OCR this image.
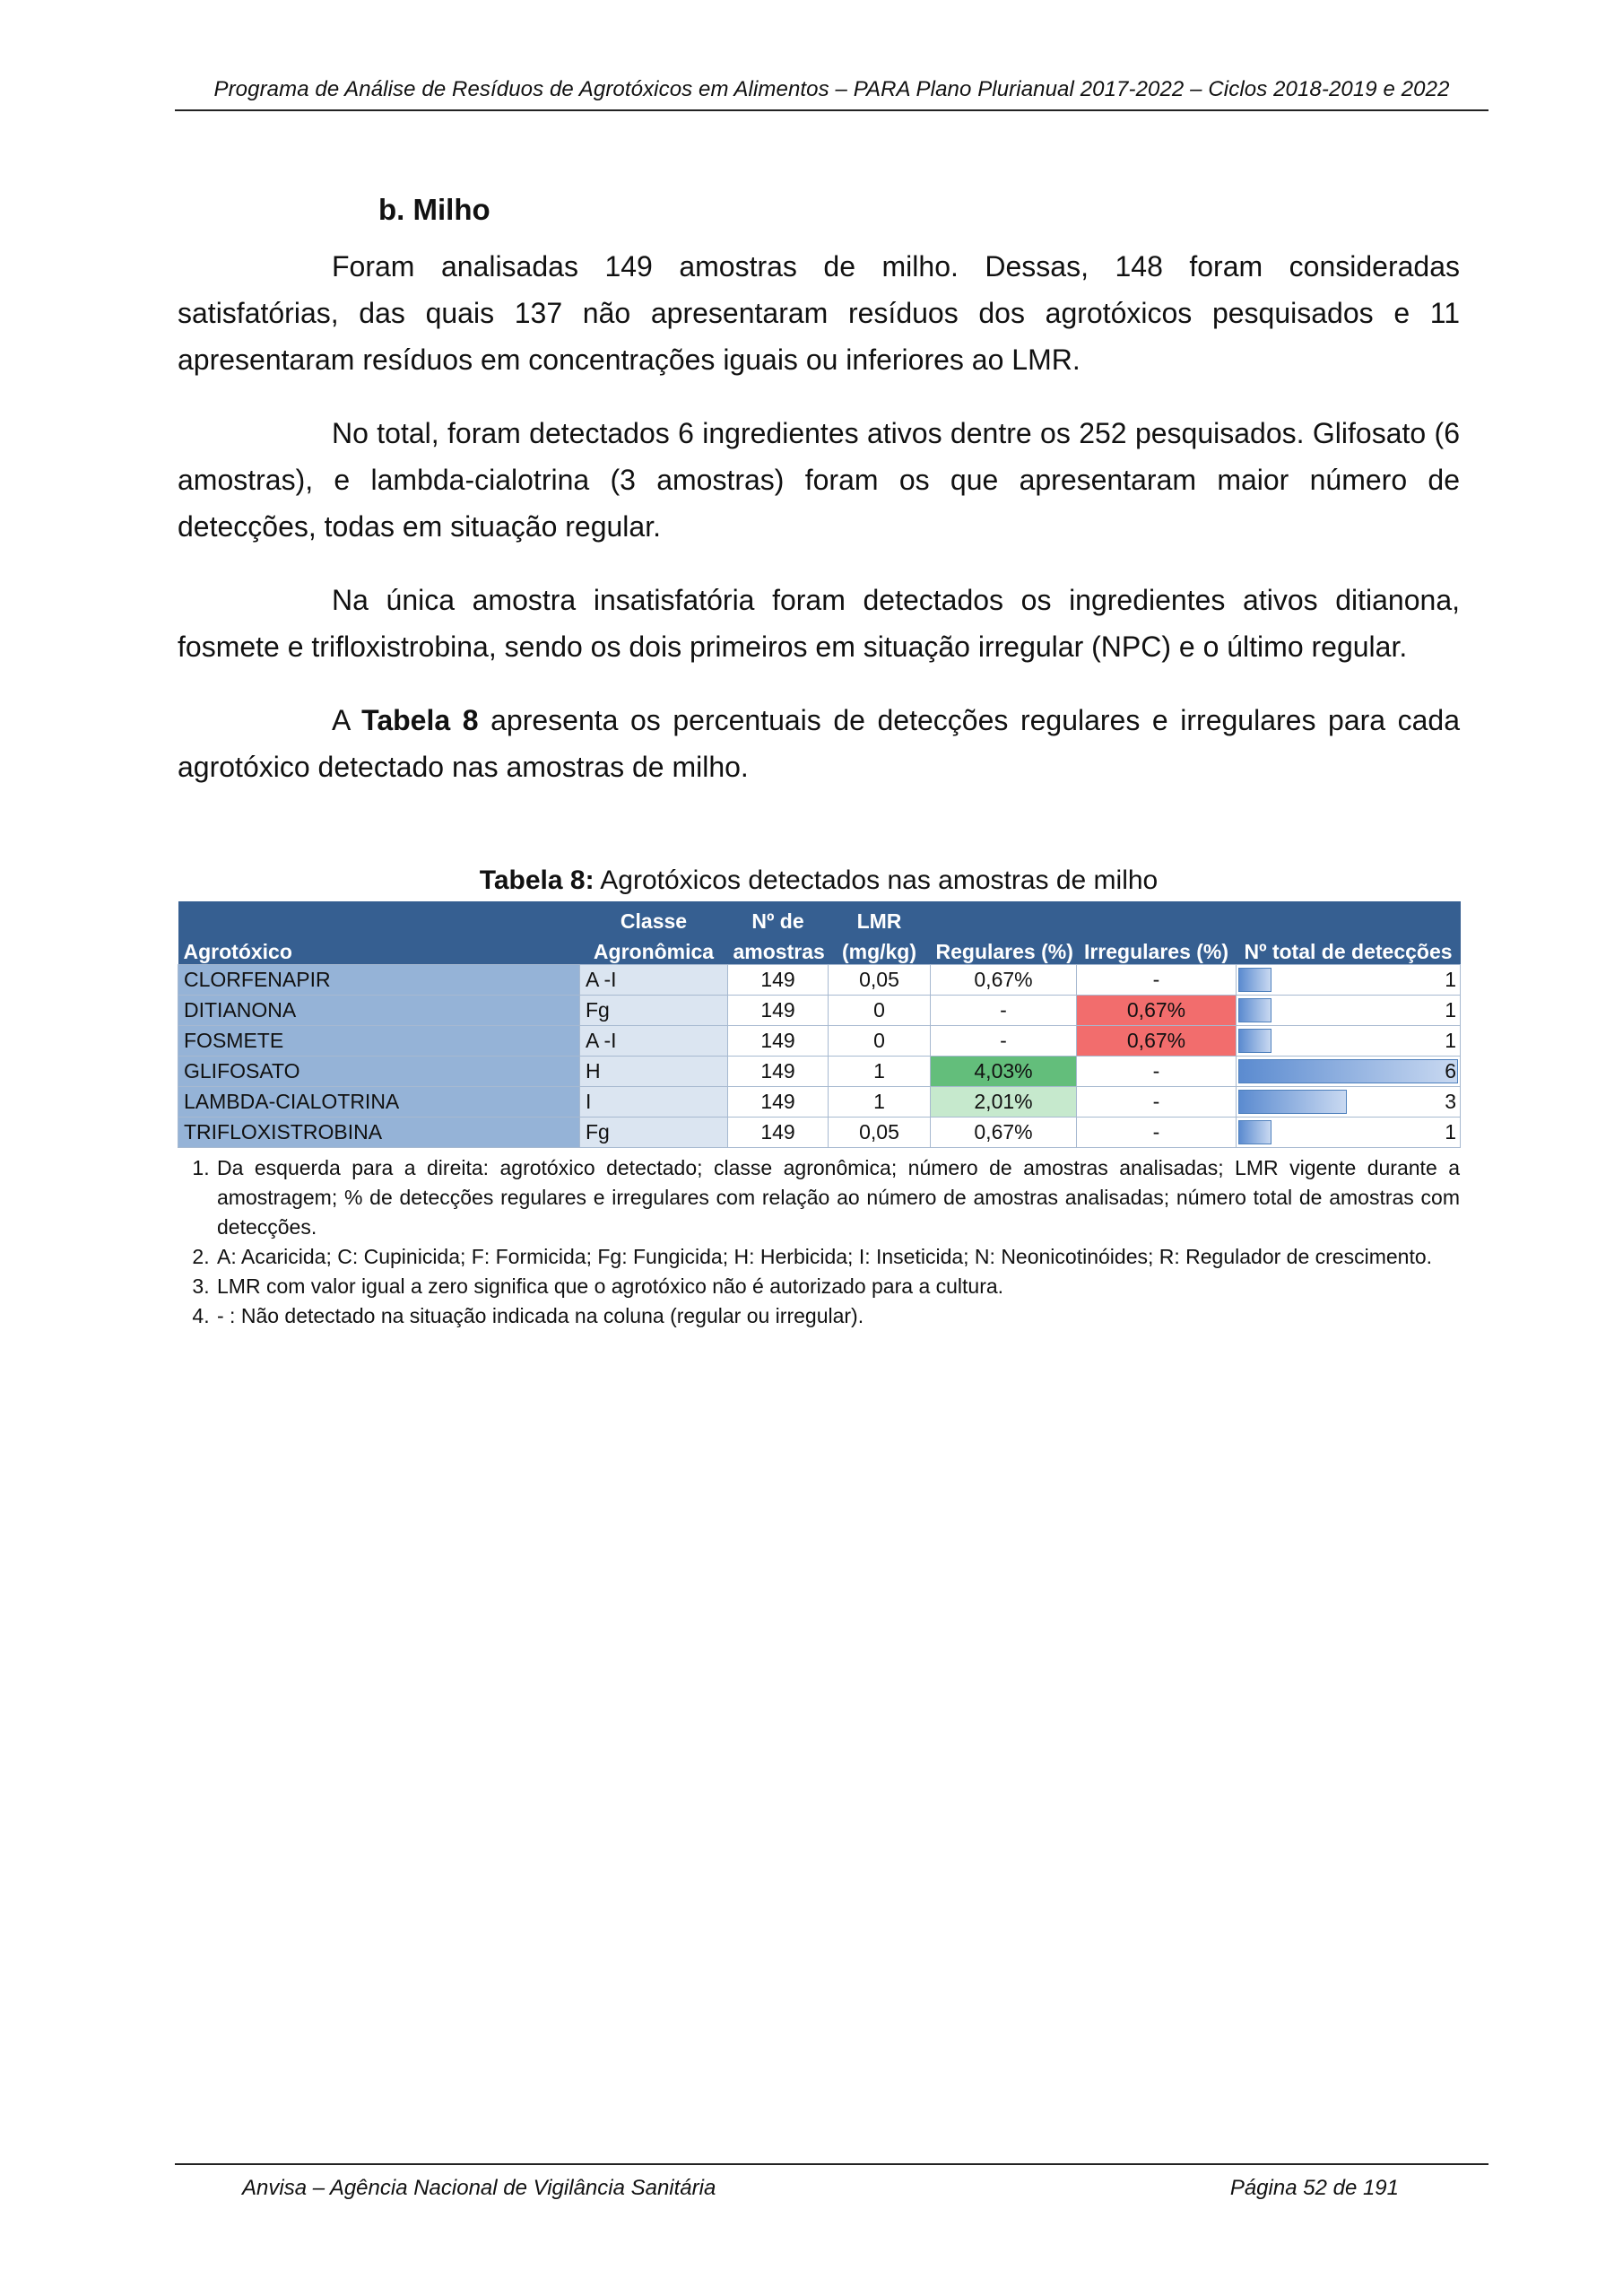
Programa de Análise de Resíduos de Agrotóxicos em Alimentos – PARA Plano Plurianual 2017-2022 – Ciclos 2018-2019 e 2022
b. Milho

Foram analisadas 149 amostras de milho. Dessas, 148 foram consideradas satisfatórias, das quais 137 não apresentaram resíduos dos agrotóxicos pesquisados e 11 apresentaram resíduos em concentrações iguais ou inferiores ao LMR.

No total, foram detectados 6 ingredientes ativos dentre os 252 pesquisados. Glifosato (6 amostras), e lambda-cialotrina (3 amostras) foram os que apresentaram maior número de detecções, todas em situação regular.

Na única amostra insatisfatória foram detectados os ingredientes ativos ditianona, fosmete e trifloxistrobina, sendo os dois primeiros em situação irregular (NPC) e o último regular.

A Tabela 8 apresenta os percentuais de detecções regulares e irregulares para cada agrotóxico detectado nas amostras de milho.

Tabela 8: Agrotóxicos detectados nas amostras de milho
	Classe	Nº de	LMR			
Agrotóxico	Agronômica	amostras	(mg/kg)	Regulares (%)	Irregulares (%)	Nº total de detecções
CLORFENAPIR	A -I	149	0,05	0,67%	-	1

DITIANONA	Fg	149	0	-	0,67%	1

FOSMETE	A -I	149	0	-	0,67%	1

GLIFOSATO	H	149	1	4,03%	-	6

LAMBDA-CIALOTRINA	I	149	1	2,01%	-	3

TRIFLOXISTROBINA	Fg	149	0,05	0,67%	-	1
1. Da esquerda para a direita: agrotóxico detectado; classe agronômica; número de amostras analisadas; LMR vigente durante a amostragem; % de detecções regulares e irregulares com relação ao número de amostras analisadas; número total de amostras com detecções.
2. A: Acaricida; C: Cupinicida; F: Formicida; Fg: Fungicida; H: Herbicida; I: Inseticida; N: Neonicotinóides; R: Regulador de crescimento.
3. LMR com valor igual a zero significa que o agrotóxico não é autorizado para a cultura.
4. - : Não detectado na situação indicada na coluna (regular ou irregular).
Anvisa – Agência Nacional de Vigilância Sanitária	Página 52 de 191
